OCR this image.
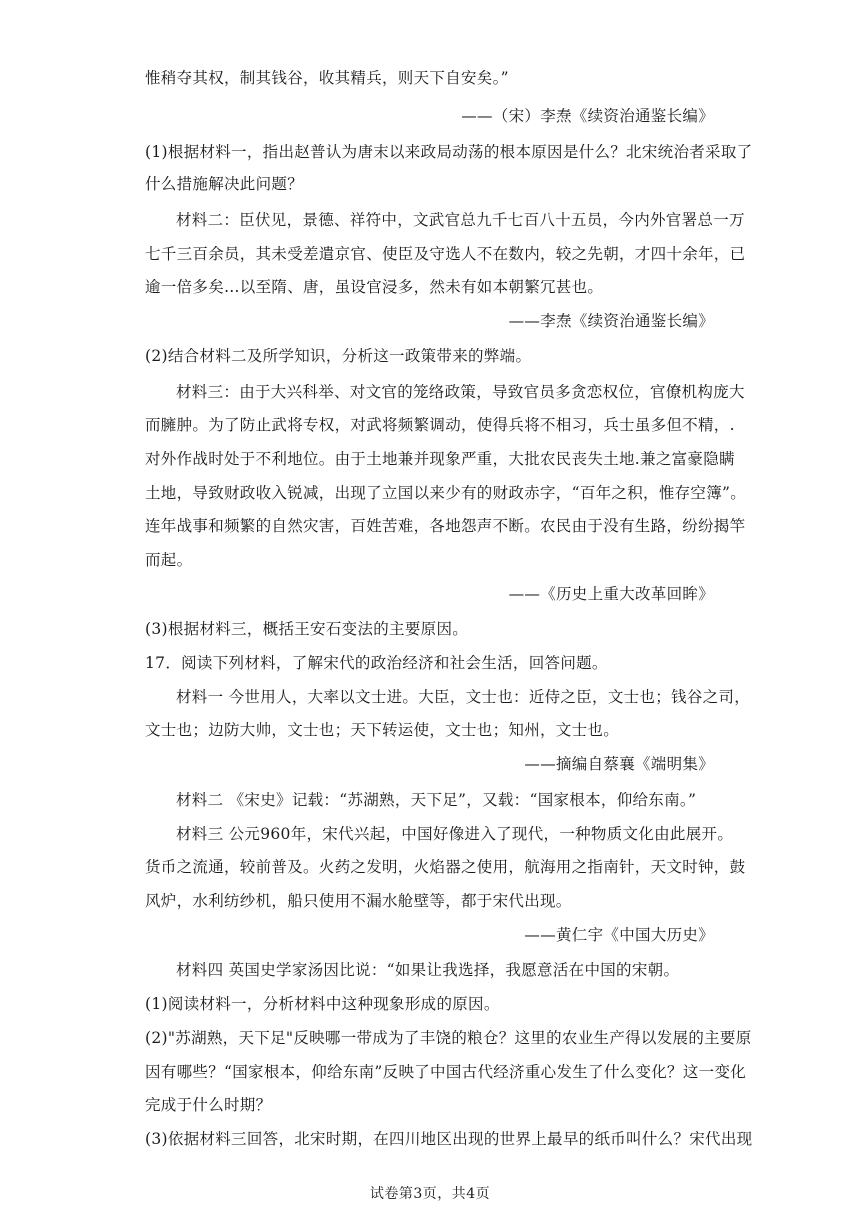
惟稍夺其权，制其钱谷，收其精兵，则天下自安矣。”
——（宋）李焘《续资治通鉴长编》
(1)根据材料一，指出赵普认为唐末以来政局动荡的根本原因是什么？北宋统治者采取了
什么措施解决此问题？
材料二：臣伏见，景德、祥符中，文武官总九千七百八十五员，今内外官署总一万
七千三百余员，其未受差遣京官、使臣及守选人不在数内，较之先朝，才四十余年，已
逾一倍多矣…以至隋、唐，虽设官浸多，然未有如本朝繁冗甚也。
——李焘《续资治通鉴长编》
(2)结合材料二及所学知识，分析这一政策带来的弊端。
材料三：由于大兴科举、对文官的笼络政策，导致官员多贪恋权位，官僚机构庞大
而臃肿。为了防止武将专权，对武将频繁调动，使得兵将不相习，兵士虽多但不精，.
对外作战时处于不利地位。由于土地兼并现象严重，大批农民丧失土地.兼之富豪隐瞒
土地，导致财政收入锐减，出现了立国以来少有的财政赤字，“百年之积，惟存空簿”。
连年战事和频繁的自然灾害，百姓苦难，各地怨声不断。农民由于没有生路，纷纷揭竿
而起。
——《历史上重大改革回眸》
(3)根据材料三，概括王安石变法的主要原因。
17．阅读下列材料，了解宋代的政治经济和社会生活，回答问题。
材料一 今世用人，大率以文士进。大臣，文士也：近侍之臣，文士也；钱谷之司，
文士也；边防大帅，文士也；天下转运使，文士也；知州，文士也。
——摘编自蔡襄《端明集》
材料二 《宋史》记载：“苏湖熟，天下足”，又载：“国家根本，仰给东南。”
材料三 公元960年，宋代兴起，中国好像进入了现代，一种物质文化由此展开。
货币之流通，较前普及。火药之发明，火焰器之使用，航海用之指南针，天文时钟，鼓
风炉，水利纺纱机，船只使用不漏水舱壁等，都于宋代出现。
——黄仁宇《中国大历史》
材料四 英国史学家汤因比说：“如果让我选择，我愿意活在中国的宋朝。
(1)阅读材料一，分析材料中这种现象形成的原因。
(2)"苏湖熟，天下足"反映哪一带成为了丰饶的粮仓？这里的农业生产得以发展的主要原
因有哪些？“国家根本，仰给东南”反映了中国古代经济重心发生了什么变化？这一变化
完成于什么时期？
(3)依据材料三回答，北宋时期，在四川地区出现的世界上最早的纸币叫什么？宋代出现
试卷第3页，共4页
